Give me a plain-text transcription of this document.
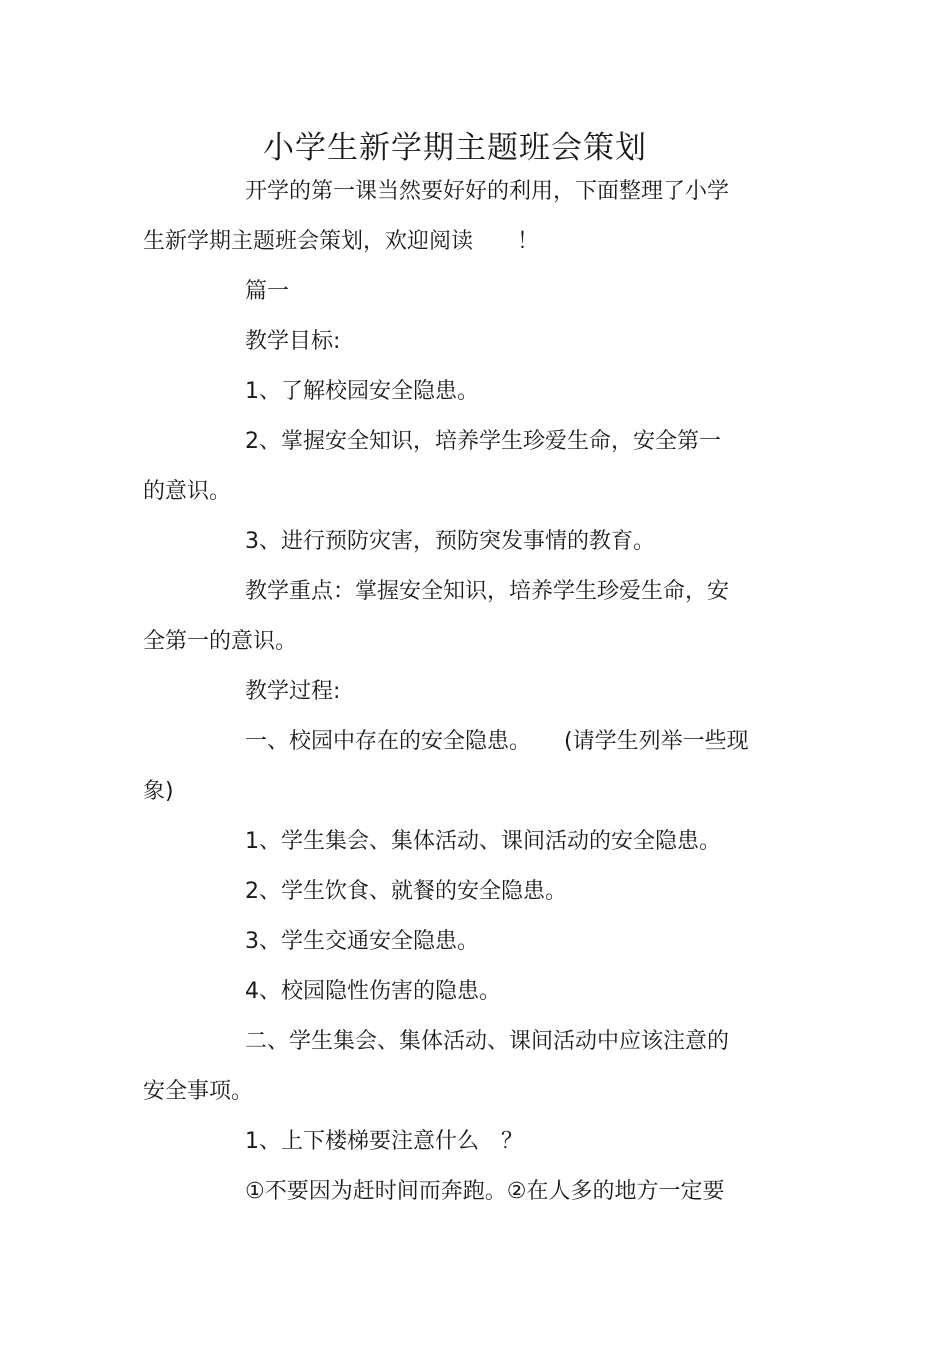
小学生新学期主题班会策划
开学的第一课当然要好好的利用，下面整理了小学
生新学期主题班会策划，欢迎阅读　　！
篇一
教学目标:
1、了解校园安全隐患。
2、掌握安全知识，培养学生珍爱生命，安全第一
的意识。
3、进行预防灾害，预防突发事情的教育。
教学重点：掌握安全知识，培养学生珍爱生命，安
全第一的意识。
教学过程:
一、校园中存在的安全隐患。　　(请学生列举一些现
象)
1、学生集会、集体活动、课间活动的安全隐患。
2、学生饮食、就餐的安全隐患。
3、学生交通安全隐患。
4、校园隐性伤害的隐患。
二、学生集会、集体活动、课间活动中应该注意的
安全事项。
1、上下楼梯要注意什么　？
①不要因为赶时间而奔跑。②在人多的地方一定要
